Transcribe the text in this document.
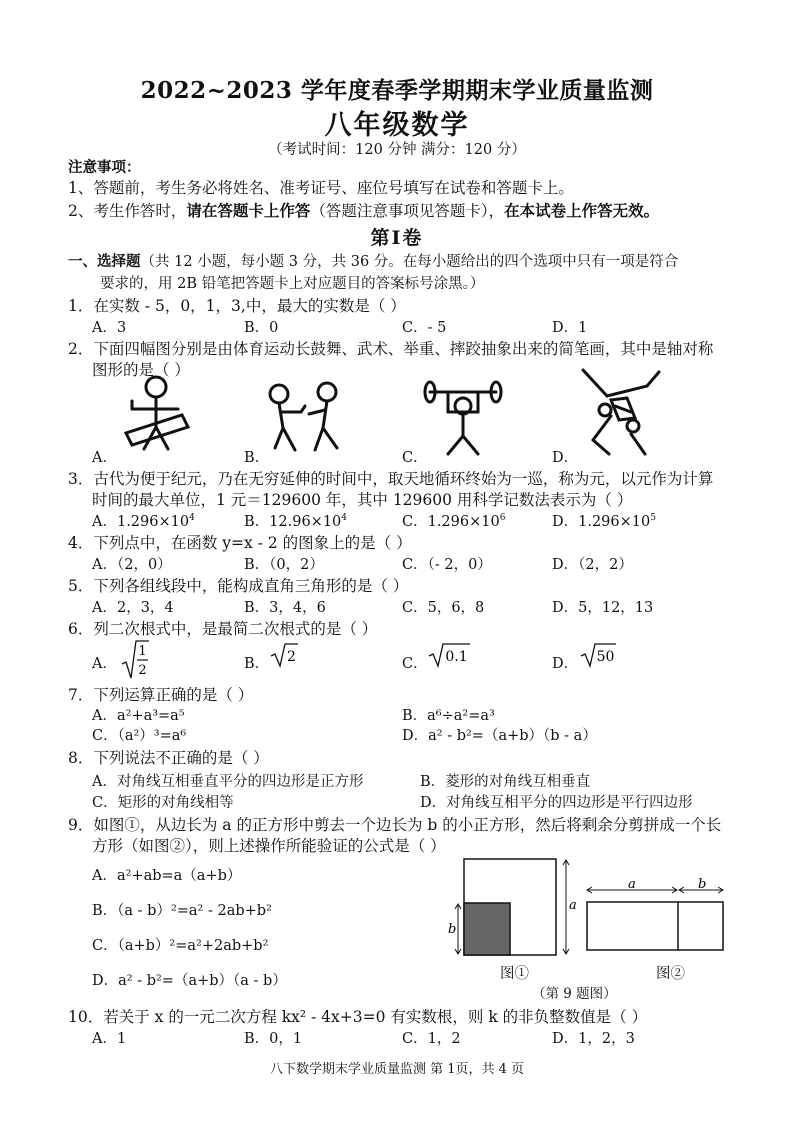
2022~2023 学年度春季学期期末学业质量监测
八年级数学
（考试时间：120 分钟 满分：120 分）
注意事项：
1、答题前，考生务必将姓名、准考证号、座位号填写在试卷和答题卡上。
2、考生作答时，请在答题卡上作答（答题注意事项见答题卡），在本试卷上作答无效。
第Ⅰ卷
一、选择题（共 12 小题，每小题 3 分，共 36 分。在每小题给出的四个选项中只有一项是符合
要求的，用 2B 铅笔把答题卡上对应题目的答案标号涂黑。）
1．在实数 - 5，0，1，3,中，最大的实数是（ ）
A．3	B．0	C．- 5	D．1
2．下面四幅图分别是由体育运动长鼓舞、武术、举重、摔跤抽象出来的简笔画，其中是轴对称
图形的是（ ）
A．	B．	C．	D．
3．古代为便于纪元，乃在无穷延伸的时间中，取天地循环终始为一巡，称为元，以元作为计算
时间的最大单位，1 元＝129600 年，其中 129600 用科学记数法表示为（ ）
A．$1.296\times 10^4$	B．$12.96\times 10^4$	C．$1.296\times 10^6$	D．$1.296\times 10^5$
4．下列点中，在函数 y=x - 2 的图象上的是（ ）
A．（2，0）	B．（0，2）	C．（- 2，0）	D．（2，2）
5．下列各组线段中，能构成直角三角形的是（ ）
A．2，3，4	B．3，4，6	C．5，6，8	D．5，12，13
6．列二次根式中，是最简二次根式的是（ ）
A．
1
2	B． 2	C． 0.1	D． 50
7．下列运算正确的是（ ）
A．a²+a³=a⁵	B．a⁶÷a²=a³
C．（a²）³=a⁶	D．a² - b²=（a+b）（b - a）
8．下列说法不正确的是（ ）
A．对角线互相垂直平分的四边形是正方形	B．菱形的对角线互相垂直
C．矩形的对角线相等	D．对角线互相平分的四边形是平行四边形
9．如图①，从边长为 a 的正方形中剪去一个边长为 b 的小正方形，然后将剩余分剪拼成一个长
方形（如图②），则上述操作所能验证的公式是（ ）
A．a²+ab=a（a+b）
B．（a - b）²=a² - 2ab+b²
C．（a+b）²=a²+2ab+b²
D．a² - b²=（a+b）（a - b）
a
b
图①
a	b
图②
（第 9 题图）
10．若关于 x 的一元二次方程 kx² - 4x+3=0 有实数根，则 k 的非负整数值是（ ）
A．1	B．0，1	C．1，2	D．1，2，3
八下数学期末学业质量监测 第 1页，共 4 页
